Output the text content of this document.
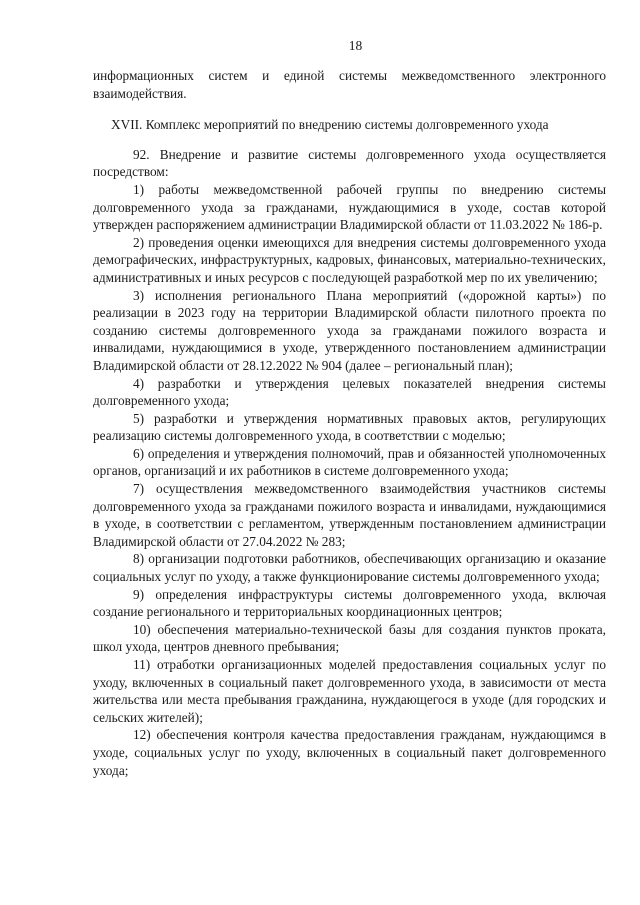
18

информационных систем и единой системы межведомственного электронного взаимодействия.

XVII. Комплекс мероприятий по внедрению системы долговременного ухода

92. Внедрение и развитие системы долговременного ухода осуществляется посредством:

1) работы межведомственной рабочей группы по внедрению системы долговременного ухода за гражданами, нуждающимися в уходе, состав которой утвержден распоряжением администрации Владимирской области от 11.03.2022 № 186-р.

2) проведения оценки имеющихся для внедрения системы долговременного ухода демографических, инфраструктурных, кадровых, финансовых, материально-технических, административных и иных ресурсов с последующей разработкой мер по их увеличению;

3) исполнения регионального Плана мероприятий («дорожной карты») по реализации в 2023 году на территории Владимирской области пилотного проекта по созданию системы долговременного ухода за гражданами пожилого возраста и инвалидами, нуждающимися в уходе, утвержденного постановлением администрации Владимирской области от 28.12.2022 № 904 (далее – региональный план);

4) разработки и утверждения целевых показателей внедрения системы долговременного ухода;

5) разработки и утверждения нормативных правовых актов, регулирующих реализацию системы долговременного ухода, в соответствии с моделью;

6) определения и утверждения полномочий, прав и обязанностей уполномоченных органов, организаций и их работников в системе долговременного ухода;

7) осуществления межведомственного взаимодействия участников системы долговременного ухода за гражданами пожилого возраста и инвалидами, нуждающимися в уходе, в соответствии с регламентом, утвержденным постановлением администрации Владимирской области от 27.04.2022 № 283;

8) организации подготовки работников, обеспечивающих организацию и оказание социальных услуг по уходу, а также функционирование системы долговременного ухода;

9) определения инфраструктуры системы долговременного ухода, включая создание регионального и территориальных координационных центров;

10) обеспечения материально-технической базы для создания пунктов проката, школ ухода, центров дневного пребывания;

11) отработки организационных моделей предоставления социальных услуг по уходу, включенных в социальный пакет долговременного ухода, в зависимости от места жительства или места пребывания гражданина, нуждающегося в уходе (для городских и сельских жителей);

12) обеспечения контроля качества предоставления гражданам, нуждающимся в уходе, социальных услуг по уходу, включенных в социальный пакет долговременного ухода;
